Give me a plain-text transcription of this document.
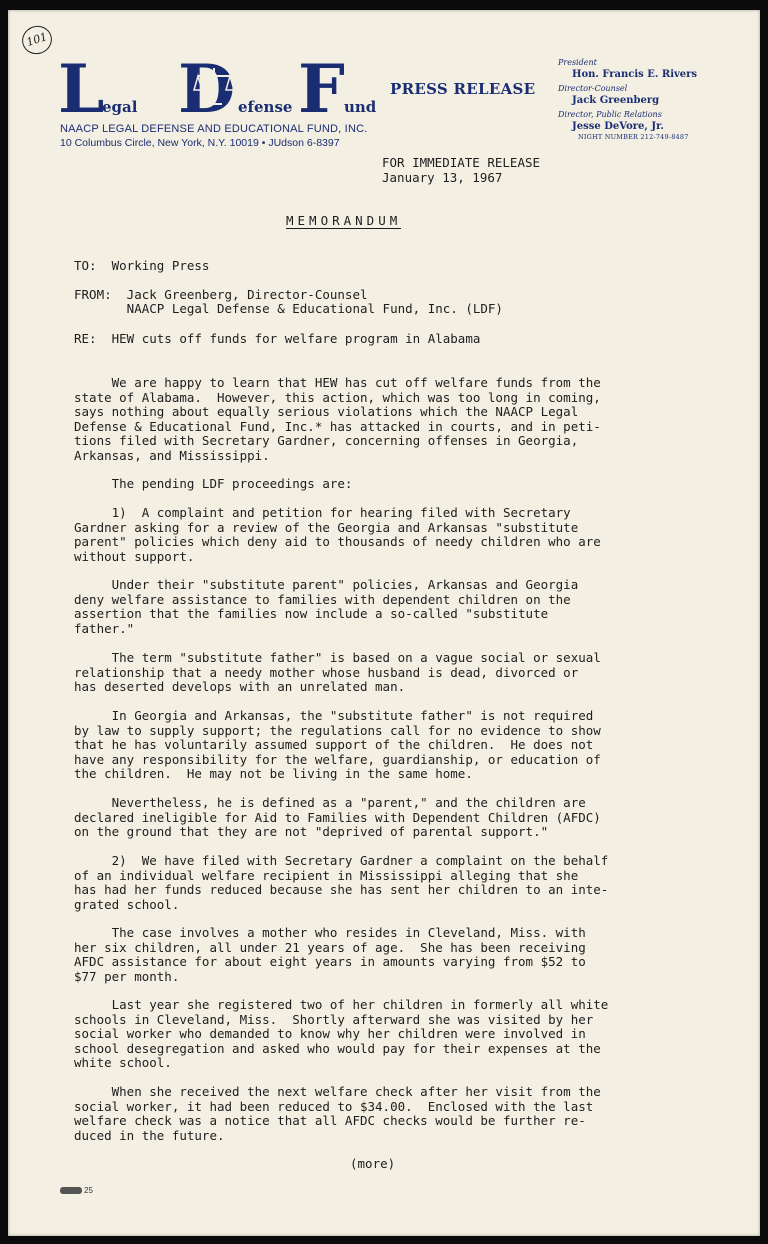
101
L
egal D efense F und
NAACP LEGAL DEFENSE AND EDUCATIONAL FUND, INC.
10 Columbus Circle, New York, N.Y. 10019 • JUdson 6-8397
PRESS RELEASE
President
Hon. Francis E. Rivers
Director-Counsel
Jack Greenberg
Director, Public Relations
Jesse DeVore, Jr.
NIGHT NUMBER 212-749-8487
FOR IMMEDIATE RELEASE
January 13, 1967
MEMORANDUM
TO:  Working Press
FROM:  Jack Greenberg, Director-Counsel
NAACP Legal Defense & Educational Fund, Inc. (LDF)
RE:  HEW cuts off funds for welfare program in Alabama
We are happy to learn that HEW has cut off welfare funds from the
state of Alabama.  However, this action, which was too long in coming,
says nothing about equally serious violations which the NAACP Legal
Defense & Educational Fund, Inc.* has attacked in courts, and in peti-
tions filed with Secretary Gardner, concerning offenses in Georgia,
Arkansas, and Mississippi.
The pending LDF proceedings are:
1)  A complaint and petition for hearing filed with Secretary
Gardner asking for a review of the Georgia and Arkansas "substitute
parent" policies which deny aid to thousands of needy children who are
without support.
Under their "substitute parent" policies, Arkansas and Georgia
deny welfare assistance to families with dependent children on the
assertion that the families now include a so-called "substitute
father."
The term "substitute father" is based on a vague social or sexual
relationship that a needy mother whose husband is dead, divorced or
has deserted develops with an unrelated man.
In Georgia and Arkansas, the "substitute father" is not required
by law to supply support; the regulations call for no evidence to show
that he has voluntarily assumed support of the children.  He does not
have any responsibility for the welfare, guardianship, or education of
the children.  He may not be living in the same home.
Nevertheless, he is defined as a "parent," and the children are
declared ineligible for Aid to Families with Dependent Children (AFDC)
on the ground that they are not "deprived of parental support."
2)  We have filed with Secretary Gardner a complaint on the behalf
of an individual welfare recipient in Mississippi alleging that she
has had her funds reduced because she has sent her children to an inte-
grated school.
The case involves a mother who resides in Cleveland, Miss. with
her six children, all under 21 years of age.  She has been receiving
AFDC assistance for about eight years in amounts varying from $52 to
$77 per month.
Last year she registered two of her children in formerly all white
schools in Cleveland, Miss.  Shortly afterward she was visited by her
social worker who demanded to know why her children were involved in
school desegregation and asked who would pay for their expenses at the
white school.
When she received the next welfare check after her visit from the
social worker, it had been reduced to $34.00.  Enclosed with the last
welfare check was a notice that all AFDC checks would be further re-
duced in the future.
(more)
25
